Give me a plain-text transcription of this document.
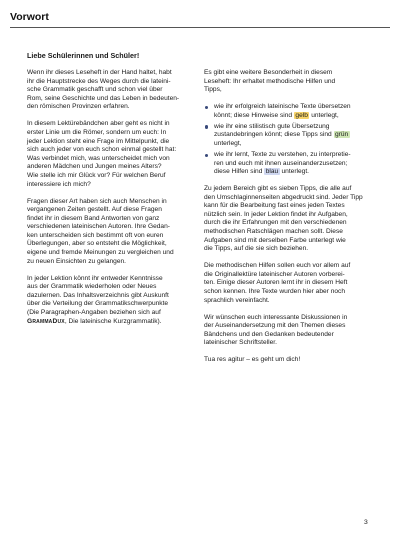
Vorwort
Liebe Schülerinnen und Schüler!

Wenn ihr dieses Leseheft in der Hand haltet, habt
ihr die Hauptstrecke des Weges durch die lateini-
sche Grammatik geschafft und schon viel über
Rom, seine Geschichte und das Leben in bedeuten-
den römischen Provinzen erfahren.

In diesem Lektürebändchen aber geht es nicht in
erster Linie um die Römer, sondern um euch: In
jeder Lektion steht eine Frage im Mittelpunkt, die
sich auch jeder von euch schon einmal gestellt hat:
Was verbindet mich, was unterscheidet mich von
anderen Mädchen und Jungen meines Alters?
Wie stelle ich mir Glück vor? Für welchen Beruf
interessiere ich mich?

Fragen dieser Art haben sich auch Menschen in
vergangenen Zeiten gestellt. Auf diese Fragen
findet ihr in diesem Band Antworten von ganz
verschiedenen lateinischen Autoren. Ihre Gedan-
ken unterscheiden sich bestimmt oft von euren
Überlegungen, aber so entsteht die Möglichkeit,
eigene und fremde Meinungen zu vergleichen und
zu neuen Einsichten zu gelangen.

In jeder Lektion könnt ihr entweder Kenntnisse
aus der Grammatik wiederholen oder Neues
dazulernen. Das Inhaltsverzeichnis gibt Auskunft
über die Verteilung der Grammatikschwerpunkte
(Die Paragraphen-Angaben beziehen sich auf
GrammaDux, Die lateinische Kurzgrammatik).

Es gibt eine weitere Besonderheit in diesem
Leseheft: Ihr erhaltet methodische Hilfen und
Tipps,

wie ihr erfolgreich lateinische Texte übersetzen
könnt; diese Hinweise sind gelb unterlegt,
wie ihr eine stilistisch gute Übersetzung
zustandebringen könnt; diese Tipps sind grün
unterlegt,
wie ihr lernt, Texte zu verstehen, zu interpretie-
ren und euch mit ihnen auseinanderzusetzen;
diese Hilfen sind blau unterlegt.

Zu jedem Bereich gibt es sieben Tipps, die alle auf
den Umschlaginnenseiten abgedruckt sind. Jeder Tipp
kann für die Bearbeitung fast eines jeden Textes
nützlich sein. In jeder Lektion findet ihr Aufgaben,
durch die ihr Erfahrungen mit den verschiedenen
methodischen Ratschlägen machen sollt. Diese
Aufgaben sind mit derselben Farbe unterlegt wie
die Tipps, auf die sie sich beziehen.

Die methodischen Hilfen sollen euch vor allem auf
die Originallektüre lateinischer Autoren vorberei-
ten. Einige dieser Autoren lernt ihr in diesem Heft
schon kennen. Ihre Texte wurden hier aber noch
sprachlich vereinfacht.

Wir wünschen euch interessante Diskussionen in
der Auseinandersetzung mit den Themen dieses
Bändchens und den Gedanken bedeutender
lateinischer Schriftsteller.

Tua res agitur – es geht um dich!

3
